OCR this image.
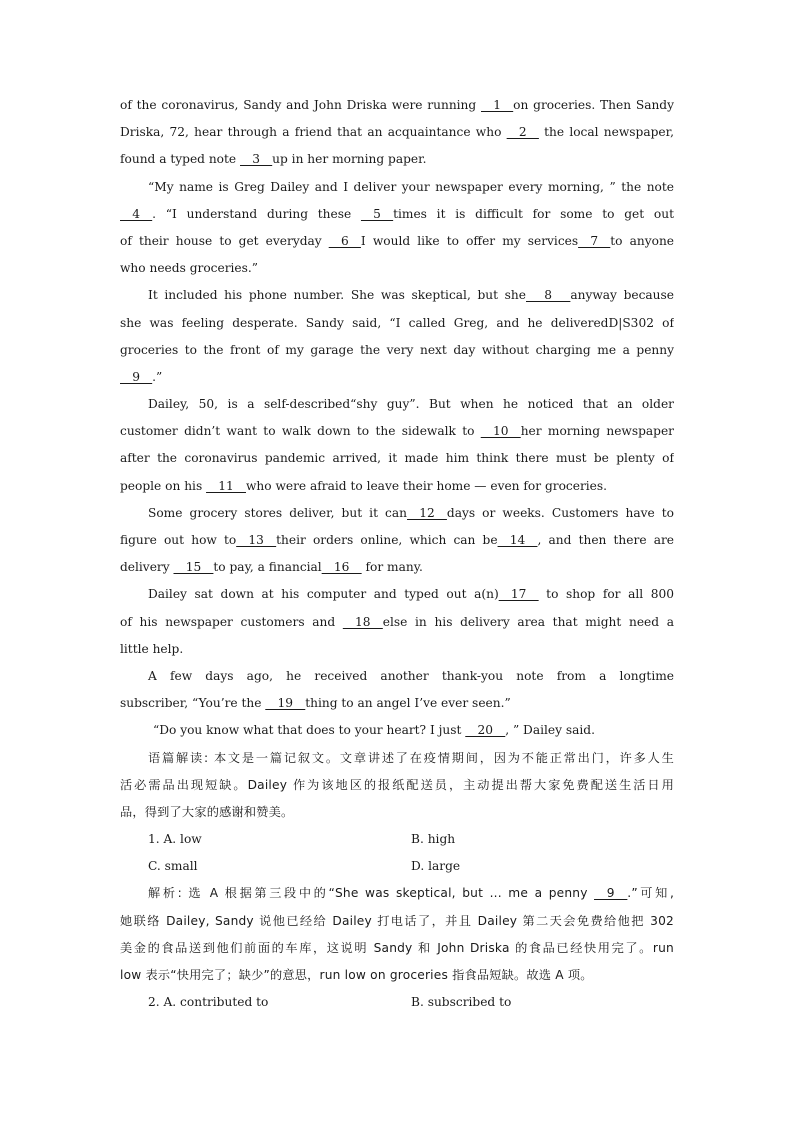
of the coronavirus, Sandy and John Driska were running __1__on groceries. Then Sandy
Driska, 72, hear through a friend that an acquaintance who __2__ the local newspaper,
found a typed note __3__up in her morning paper.
“My name is Greg Dailey and I deliver your newspaper every morning, ” the note
__4__. “I understand during these __5__times it is difficult for some to get out
of their house to get everyday __6__I would like to offer my services__7__to anyone
who needs groceries.”
It included his phone number. She was skeptical, but she___8___anyway because
she was feeling desperate. Sandy said, “I called Greg, and he deliveredD|S302 of
groceries to the front of my garage the very next day without charging me a penny
__9__.”
Dailey, 50, is a self-described“shy guy”. But when he noticed that an older
customer didn’t want to walk down to the sidewalk to __10__her morning newspaper
after the coronavirus pandemic arrived, it made him think there must be plenty of
people on his __11__who were afraid to leave their home — even for groceries.
Some grocery stores deliver, but it can__12__days or weeks. Customers have to
figure out how to__13__their orders online, which can be__14__, and then there are
delivery __15__to pay, a financial__16__ for many.
Dailey sat down at his computer and typed out a(n)__17__ to shop for all 800
of his newspaper customers and __18__else in his delivery area that might need a
little help.
A few days ago, he received another thank-you note from a longtime
subscriber, “You’re the __19__thing to an angel I’ve ever seen.”
“Do you know what that does to your heart? I just __20__, ” Dailey said.
语篇解读: 本文是一篇记叙文。文章讲述了在疫情期间，因为不能正常出门，许多人生
活必需品出现短缺。Dailey 作为该地区的报纸配送员，主动提出帮大家免费配送生活日用
品，得到了大家的感谢和赞美。
1. A. low	B. high
C. small	D. large
解析: 选 A 根据第三段中的“She was skeptical, but ... me a penny __9__.”可知,
她联络 Dailey, Sandy 说他已经给 Dailey 打电话了，并且 Dailey 第二天会免费给他把 302
美金的食品送到他们前面的车库，这说明 Sandy 和 John Driska 的食品已经快用完了。run
low 表示“快用完了；缺少”的意思，run low on groceries 指食品短缺。故选 A 项。
2. A. contributed to	B. subscribed to
